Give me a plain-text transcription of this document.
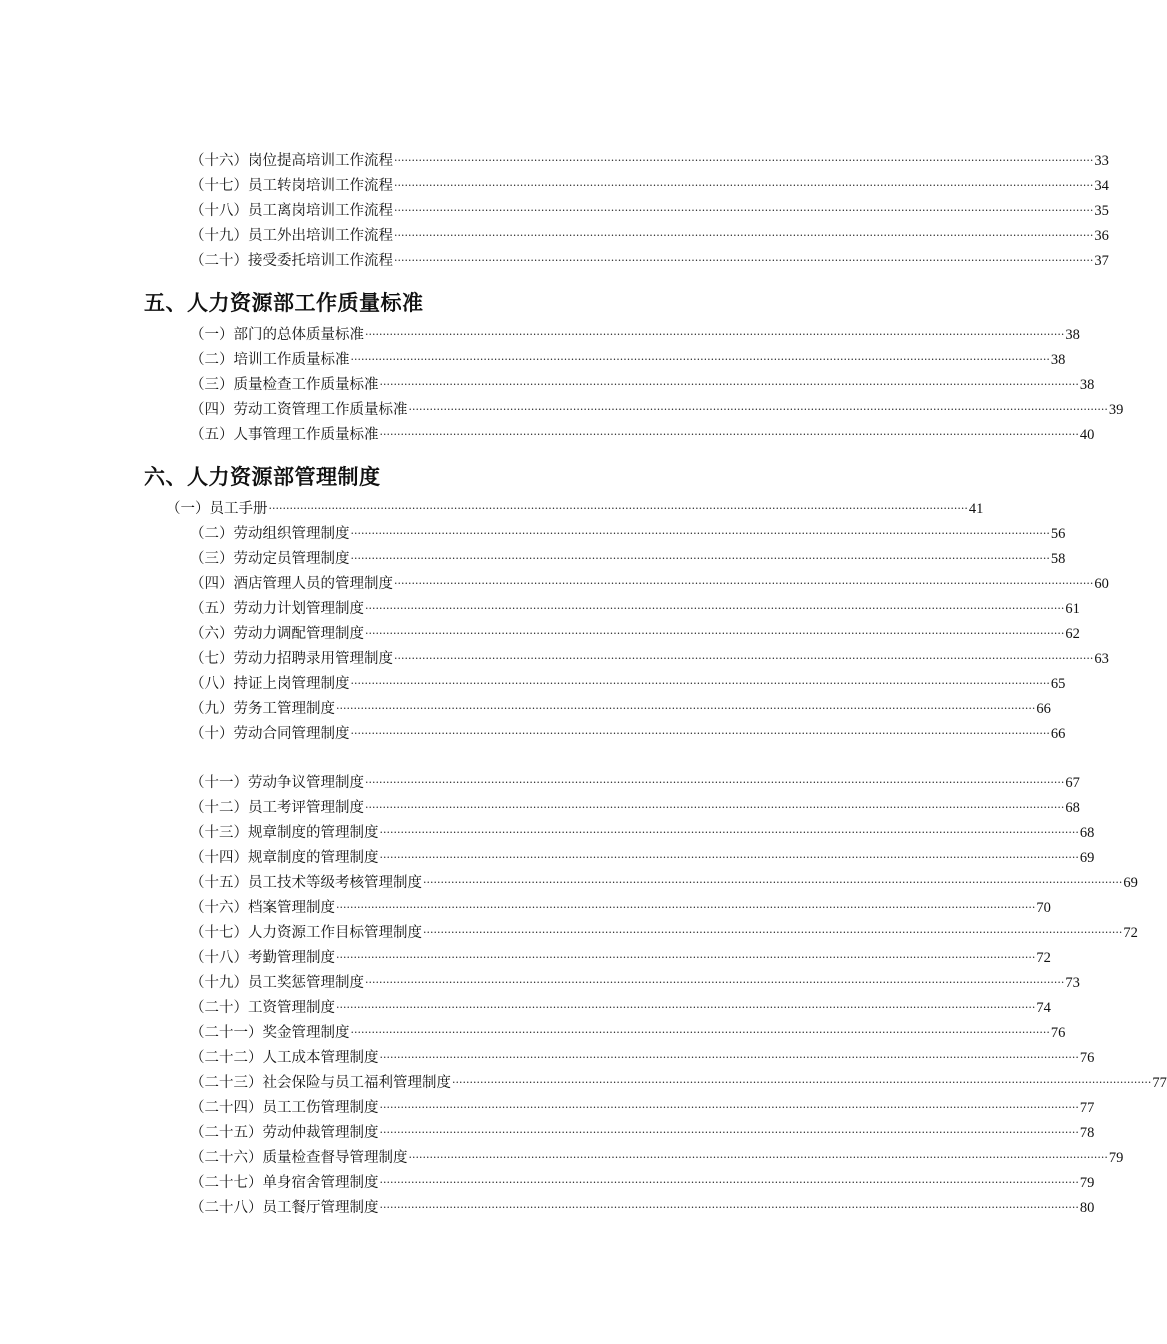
（十六）岗位提高培训工作流程 ········································································································································································································ 33
（十七）员工转岗培训工作流程 ········································································································································································································ 34
（十八）员工离岗培训工作流程 ········································································································································································································ 35
（十九）员工外出培训工作流程 ········································································································································································································ 36
（二十）接受委托培训工作流程 ········································································································································································································ 37
五、人力资源部工作质量标准
（一）部门的总体质量标准 ········································································································································································································ 38
（二）培训工作质量标准 ········································································································································································································ 38
（三）质量检查工作质量标准 ········································································································································································································ 38
（四）劳动工资管理工作质量标准 ········································································································································································································ 39
（五）人事管理工作质量标准 ········································································································································································································ 40
六、人力资源部管理制度
（一）员工手册 ········································································································································································································ 41
（二）劳动组织管理制度 ········································································································································································································ 56
（三）劳动定员管理制度 ········································································································································································································ 58
（四）酒店管理人员的管理制度 ········································································································································································································ 60
（五）劳动力计划管理制度 ········································································································································································································ 61
（六）劳动力调配管理制度 ········································································································································································································ 62
（七）劳动力招聘录用管理制度 ········································································································································································································ 63
（八）持证上岗管理制度 ········································································································································································································ 65
（九）劳务工管理制度 ········································································································································································································ 66
（十）劳动合同管理制度 ········································································································································································································ 66
（十一）劳动争议管理制度 ········································································································································································································ 67
（十二）员工考评管理制度 ········································································································································································································ 68
（十三）规章制度的管理制度 ········································································································································································································ 68
（十四）规章制度的管理制度 ········································································································································································································ 69
（十五）员工技术等级考核管理制度 ········································································································································································································ 69
（十六）档案管理制度 ········································································································································································································ 70
（十七）人力资源工作目标管理制度 ········································································································································································································ 72
（十八）考勤管理制度 ········································································································································································································ 72
（十九）员工奖惩管理制度 ········································································································································································································ 73
（二十）工资管理制度 ········································································································································································································ 74
（二十一）奖金管理制度 ········································································································································································································ 76
（二十二）人工成本管理制度 ········································································································································································································ 76
（二十三）社会保险与员工福利管理制度 ········································································································································································································ 77
（二十四）员工工伤管理制度 ········································································································································································································ 77
（二十五）劳动仲裁管理制度 ········································································································································································································ 78
（二十六）质量检查督导管理制度 ········································································································································································································ 79
（二十七）单身宿舍管理制度 ········································································································································································································ 79
（二十八）员工餐厅管理制度 ········································································································································································································ 80
